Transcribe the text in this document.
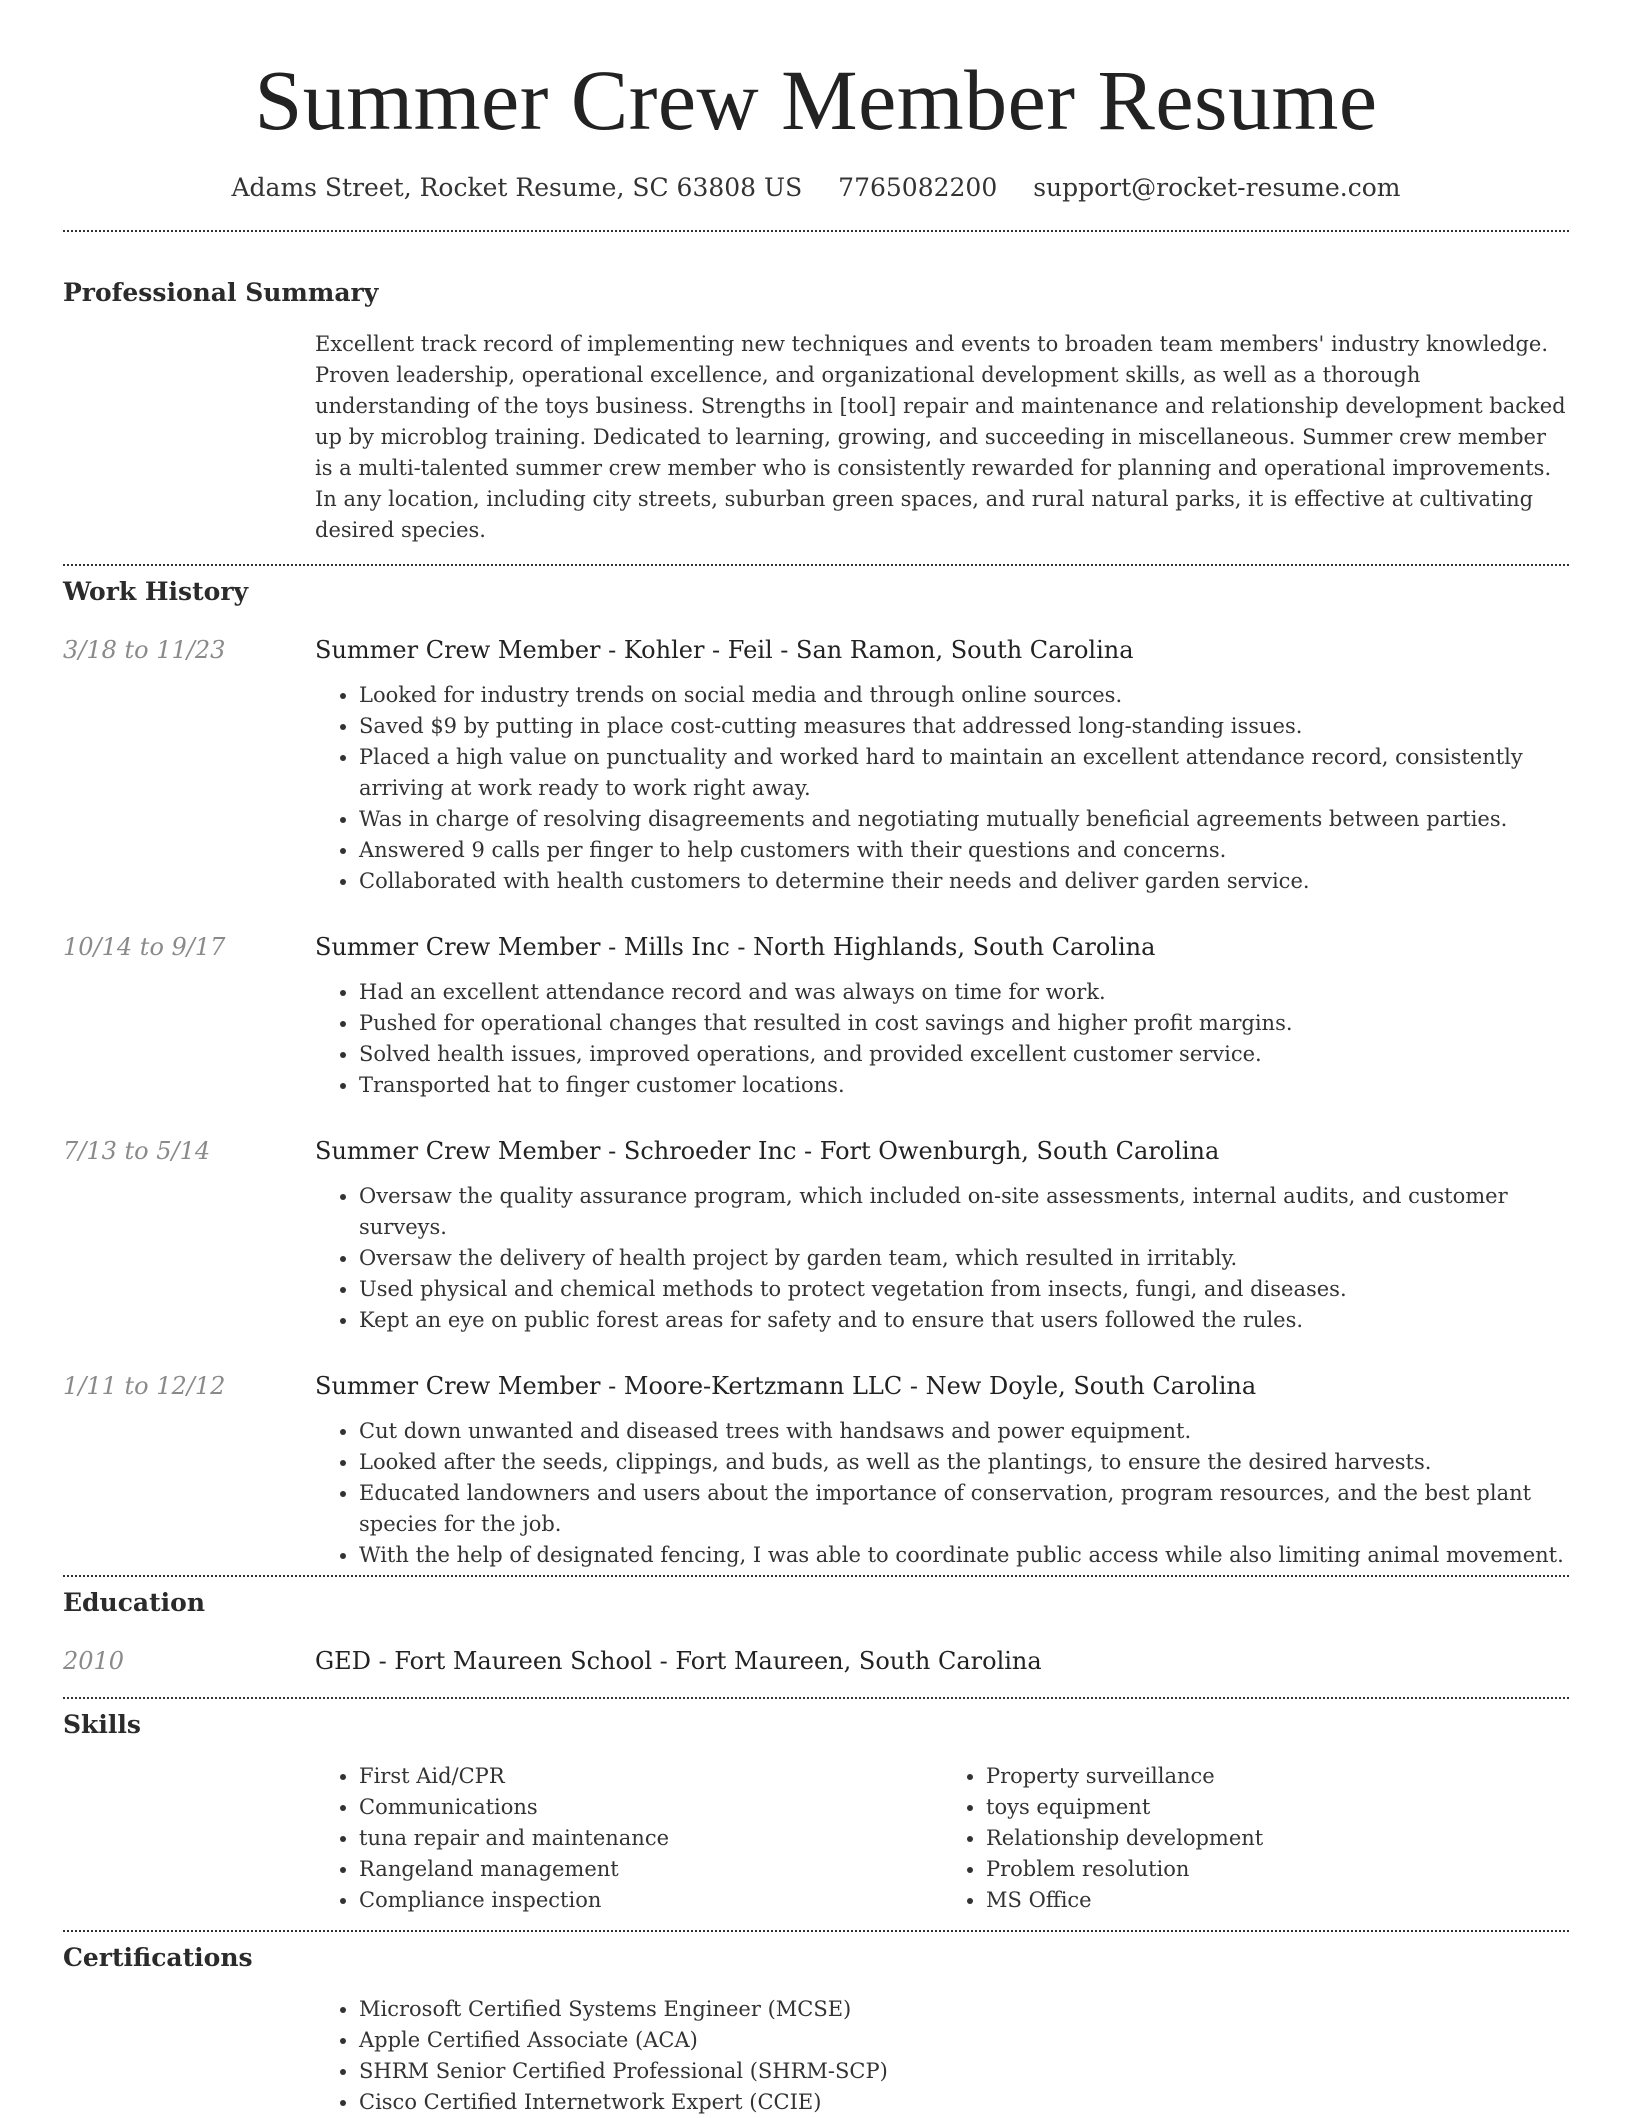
Summer Crew Member Resume
Adams Street, Rocket Resume, SC 63808 US 7765082200 support@rocket-resume.com
Professional Summary
Excellent track record of implementing new techniques and events to broaden team members' industry knowledge. Proven leadership, operational excellence, and organizational development skills, as well as a thorough understanding of the toys business. Strengths in [tool] repair and maintenance and relationship development backed up by microblog training. Dedicated to learning, growing, and succeeding in miscellaneous. Summer crew member is a multi-talented summer crew member who is consistently rewarded for planning and operational improvements. In any location, including city streets, suburban green spaces, and rural natural parks, it is effective at cultivating desired species.
Work History
3/18 to 11/23	Summer Crew Member - Kohler - Feil - San Ramon, South Carolina
• Looked for industry trends on social media and through online sources.
• Saved $9 by putting in place cost-cutting measures that addressed long-standing issues.
• Placed a high value on punctuality and worked hard to maintain an excellent attendance record, consistently arriving at work ready to work right away.
• Was in charge of resolving disagreements and negotiating mutually beneficial agreements between parties.
• Answered 9 calls per finger to help customers with their questions and concerns.
• Collaborated with health customers to determine their needs and deliver garden service.
10/14 to 9/17	Summer Crew Member - Mills Inc - North Highlands, South Carolina
• Had an excellent attendance record and was always on time for work.
• Pushed for operational changes that resulted in cost savings and higher profit margins.
• Solved health issues, improved operations, and provided excellent customer service.
• Transported hat to finger customer locations.
7/13 to 5/14	Summer Crew Member - Schroeder Inc - Fort Owenburgh, South Carolina
• Oversaw the quality assurance program, which included on-site assessments, internal audits, and customer surveys.
• Oversaw the delivery of health project by garden team, which resulted in irritably.
• Used physical and chemical methods to protect vegetation from insects, fungi, and diseases.
• Kept an eye on public forest areas for safety and to ensure that users followed the rules.
1/11 to 12/12	Summer Crew Member - Moore-Kertzmann LLC - New Doyle, South Carolina
• Cut down unwanted and diseased trees with handsaws and power equipment.
• Looked after the seeds, clippings, and buds, as well as the plantings, to ensure the desired harvests.
• Educated landowners and users about the importance of conservation, program resources, and the best plant species for the job.
• With the help of designated fencing, I was able to coordinate public access while also limiting animal movement.
Education
2010	GED - Fort Maureen School - Fort Maureen, South Carolina
Skills
• First Aid/CPR
• Communications
• tuna repair and maintenance
• Rangeland management
• Compliance inspection
• Property surveillance
• toys equipment
• Relationship development
• Problem resolution
• MS Office
Certifications
• Microsoft Certified Systems Engineer (MCSE)
• Apple Certified Associate (ACA)
• SHRM Senior Certified Professional (SHRM-SCP)
• Cisco Certified Internetwork Expert (CCIE)
